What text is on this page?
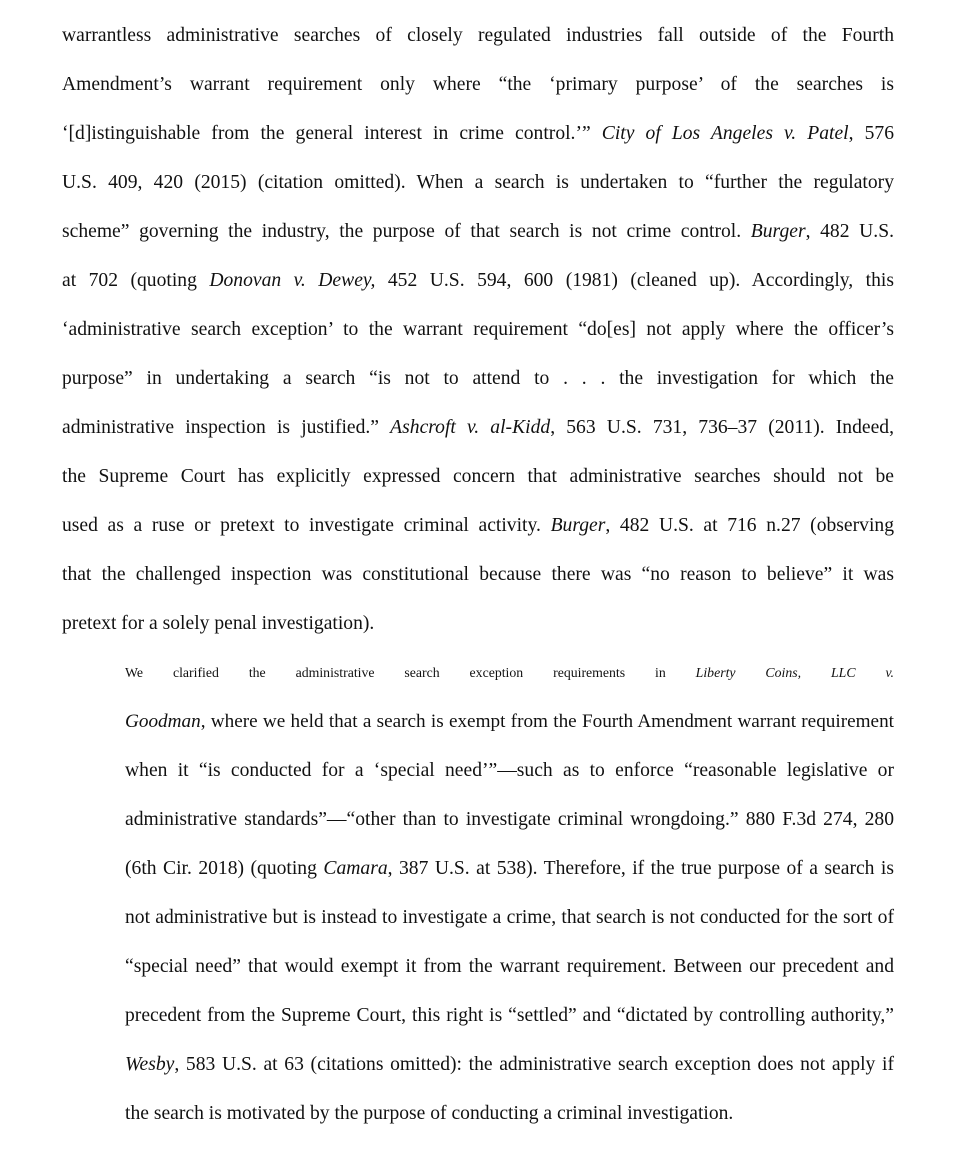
warrantless administrative searches of closely regulated industries fall outside of the Fourth
Amendment’s warrant requirement only where “the ‘primary purpose’ of the searches is
‘[d]istinguishable from the general interest in crime control.’” City of Los Angeles v. Patel, 576
U.S. 409, 420 (2015) (citation omitted). When a search is undertaken to “further the regulatory
scheme” governing the industry, the purpose of that search is not crime control. Burger, 482 U.S.
at 702 (quoting Donovan v. Dewey, 452 U.S. 594, 600 (1981) (cleaned up). Accordingly, this
‘administrative search exception’ to the warrant requirement “do[es] not apply where the officer’s
purpose” in undertaking a search “is not to attend to . . . the investigation for which the
administrative inspection is justified.” Ashcroft v. al-Kidd, 563 U.S. 731, 736–37 (2011). Indeed,
the Supreme Court has explicitly expressed concern that administrative searches should not be
used as a ruse or pretext to investigate criminal activity. Burger, 482 U.S. at 716 n.27 (observing
that the challenged inspection was constitutional because there was “no reason to believe” it was
pretext for a solely penal investigation).

We clarified the administrative search exception requirements in Liberty Coins, LLC v.
Goodman, where we held that a search is exempt from the Fourth Amendment warrant requirement
when it “is conducted for a ‘special need’”—such as to enforce “reasonable legislative or
administrative standards”—“other than to investigate criminal wrongdoing.” 880 F.3d 274, 280
(6th Cir. 2018) (quoting Camara, 387 U.S. at 538). Therefore, if the true purpose of a search is
not administrative but is instead to investigate a crime, that search is not conducted for the sort of
“special need” that would exempt it from the warrant requirement. Between our precedent and
precedent from the Supreme Court, this right is “settled” and “dictated by controlling authority,”
Wesby, 583 U.S. at 63 (citations omitted): the administrative search exception does not apply if
the search is motivated by the purpose of conducting a criminal investigation.
